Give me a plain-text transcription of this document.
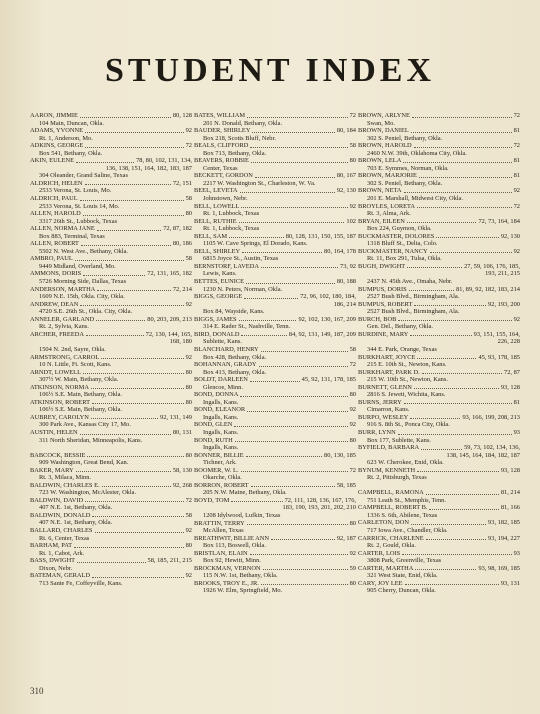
STUDENT INDEX
AARON, JIMMIE	80, 128
104 Main, Duncan, Okla.
ADAMS, YVONNE	92
Rt. 1, Anderson, Mo.
ADKINS, GEORGE	72
Box 541, Bethany, Okla.
AKIN, EULENE	78, 80, 102, 131, 134,
136, 138, 151, 164, 182, 183, 187
304 Oleander, Grand Saline, Texas
ALDRICH, HELEN	72, 151
2533 Verona, St. Louis, Mo.
ALDRICH, PAUL	58
2533 Verona, St. Louis 14, Mo.
ALLEN, HAROLD	80
3317 26th St., Lubbock, Texas
ALLEN, NORMA JANE	72, 87, 182
Box 883, Terminal, Texas
ALLEN, ROBERT	80, 186
5502 N. West Ave., Bethany, Okla.
AMBRO, PAUL	58
9449 Midland, Overland, Mo.
AMMONS, DORIS	72, 131, 165, 182
5726 Morning Side, Dallas, Texas
ANDERSON, MARTHA	72, 214
1609 N.E. 15th, Okla. City, Okla.
ANDREW, DEAN	92
4720 S.E. 26th St., Okla. City, Okla.
ANNELER, GARLAND	80, 203, 209, 213
Rt. 2, Sylvia, Kans.
ARCHER, FREEDA	72, 130, 144, 165,
168, 180
1504 N. 2nd, Sayre, Okla.
ARMSTRONG, CARROL	92
10 N. Little, Ft. Scott, Kans.
ARNDT, LOWELL	80
307½ W. Main, Bethany, Okla.
ATKINSON, NORMA	80
106½ S.E. Main, Bethany, Okla.
ATKINSON, ROBERT	80
106½ S.E. Main, Bethany, Okla.
AUBREY, CAROLYN	92, 131, 149
300 Park Ave., Kansas City 17, Mo.
AUSTIN, HELEN	80, 131
311 North Sheridan, Minneapolis, Kans.
BABCOCK, BESSIE	80
909 Washington, Great Bend, Kan.
BAKER, MARY	58, 130
Rt. 3, Milaca, Minn.
BALDWIN, CHARLES E.	92, 268
723 W. Washington, McAlester, Okla.
BALDWIN, DAVID	72
407 N.E. 1st, Bethany, Okla.
BALDWIN, DONALD	58
407 N.E. 1st, Bethany, Okla.
BALLARD, CHARLES	92
Rt. 6, Center, Texas
BARHAM, PAT	80
Rt. 1, Cabot, Ark.
BASS, DWIGHT	58, 185, 211, 215
Dixon, Nebr.
BATEMAN, GERALD	92
713 Sante Fe, Coffeyville, Kans.
BATES, WILLIAM	72
201 N. Donald, Bethany, Okla.
BAUDER, SHIRLEY	80, 184
Box 218, Scotts Bluff, Nebr.
BEALS, CLIFFORD	58
Box 713, Bethany, Okla.
BEAVERS, ROBBIE	80
Center, Texas
BECKETT, GORDON	80, 167
2217 W. Washington St., Charleston, W. Va.
BEEL, LEVETA	92, 130
Johnstown, Nebr.
BELL, LOWELL	92
Rt. 1, Lubbock, Texas
BELL, RUTHIE	102
Rt. 1, Lubbock, Texas
BELL, SAM	80, 128, 131, 150, 155, 187
1105 W. Cave Springs, El Dorado, Kans.
BELL, SHIRLEY	80, 164, 178
6815 Joyce St., Austin, Texas
BERNSTORF, LAVEDA	73, 92
Lewis, Kans.
BETTES, EUNICE	80, 188
1230 N. Peters, Norman, Okla.
BIGGS, GEORGE	72, 96, 102, 180, 184,
186, 214
Box 84, Wayside, Kans.
BIGGS, JAMES	92, 102, 130, 167, 209
314 E. Rader St., Nashville, Tenn.
BIRD, DONALD	84, 92, 131, 149, 187, 209
Sublette, Kans.
BLANCHARD, HENRY	58
Box 428, Bethany, Okla.
BOHANNAN, GRADY	72
Box 413, Bethany, Okla.
BOLDT, DARLEEN	45, 92, 131, 178, 185
Glencoe, Minn.
BOND, DONNA	80
Ingalls, Kans.
BOND, ELEANOR	92
Ingalls, Kans.
BOND, GLEN	92
Ingalls, Kans.
BOND, RUTH	80
Ingalls, Kans.
BONNER, BILLIE	80, 130, 185
Tichner, Ark.
BOOMER, W. L.	72
Okarche, Okla.
BORRON, ROBERT	58, 185
205 N.W. Maine, Bethany, Okla.
BOYD, TOM	72, 111, 128, 136, 167, 176,
183, 190, 193, 201, 202, 210
1208 Idylwood, Lufkin, Texas
BRATTIN, TERRY	80
McAllen, Texas
BREATHWIT, BILLIE ANN	92, 187
Box 113, Boswell, Okla.
BRISTLAN, ELAIN	92
Box 92, Hewitt, Minn.
BROCKMAN, VERNON	59
115 N.W. 1st, Bethany, Okla.
BROOKS, TROY E., JR.	80
1926 W. Elm, Springfield, Mo.
BROWN, ARLYNE	72
Swan, Mo.
BROWN, DANIEL	81
302 S. Peniel, Bethany, Okla.
BROWN, HAROLD	72
2460 N.W. 39th, Oklahoma City, Okla.
BROWN, LELA	81
703 E. Symmes, Norman, Okla.
BROWN, MARJORIE	81
302 S. Peniel, Bethany, Okla.
BROWN, NETA	92
201 E. Marshall, Midwest City, Okla.
BROYLES, LORETA	72
Rt. 3, Alma, Ark.
BRYAN, EILEEN	72, 73, 164, 184
Box 224, Guymon, Okla.
BUCKMASTER, DOLORES	92, 130
1318 Bluff St., Delta, Colo.
BUCKMASTER, NANCY	92
Rt. 11, Box 291, Tulsa, Okla.
BUGH, DWIGHT	27, 59, 106, 176, 185,
193, 211, 215
2437 N. 45th Ave., Omaha, Nebr.
BUMPUS, DORIS	81, 89, 92, 182, 183, 214
2527 Bush Blvd., Birmingham, Ala.
BUMPUS, ROBERT	92, 193, 200
2527 Bush Blvd., Birmingham, Ala.
BURCH, BOB	92
Gen. Del., Bethany, Okla.
BURDINE, MARY	93, 151, 155, 164,
226, 228
344 E. Park, Orange, Texas
BURKHART, JOYCE	45, 93, 178, 185
215 E. 10th St., Newton, Kans.
BURKHART, PARK D.	72, 87
215 W. 10th St., Newton, Kans.
BURNETT, GLENN	93, 128
2816 S. Jewett, Wichita, Kans.
BURNS, JERRY	81
Cimarron, Kans.
BURPO, WESLEY	93, 166, 199, 208, 213
916 S. 8th St., Ponca City, Okla.
BURR, LYNN	93
Box 177, Sublette, Kans.
BYFIELD, BARBARA	59, 73, 102, 134, 136,
138, 145, 164, 184, 182, 187
623 W. Cherokee, Enid, Okla.
BYNUM, KENNETH	93, 128
Rt. 2, Pittsburgh, Texas
CAMPBELL, RAMONA	81, 214
751 Leath St., Memphis, Tenn.
CAMPBELL, ROBERT B.	81, 166
1336 S. 6th, Abilene, Texas
CARLETON, DON	93, 182, 185
717 Iowa Ave., Chandler, Okla.
CARRICK, CHARLENE	93, 194, 227
Rt. 2, Gould, Okla.
CARTER, LOIS	93
3808 Park, Greenville, Texas
CARTER, MARTHA	93, 98, 169, 185
321 West State, Enid, Okla.
CARY, JOY LEE	93, 131
905 Cherry, Duncan, Okla.
310
